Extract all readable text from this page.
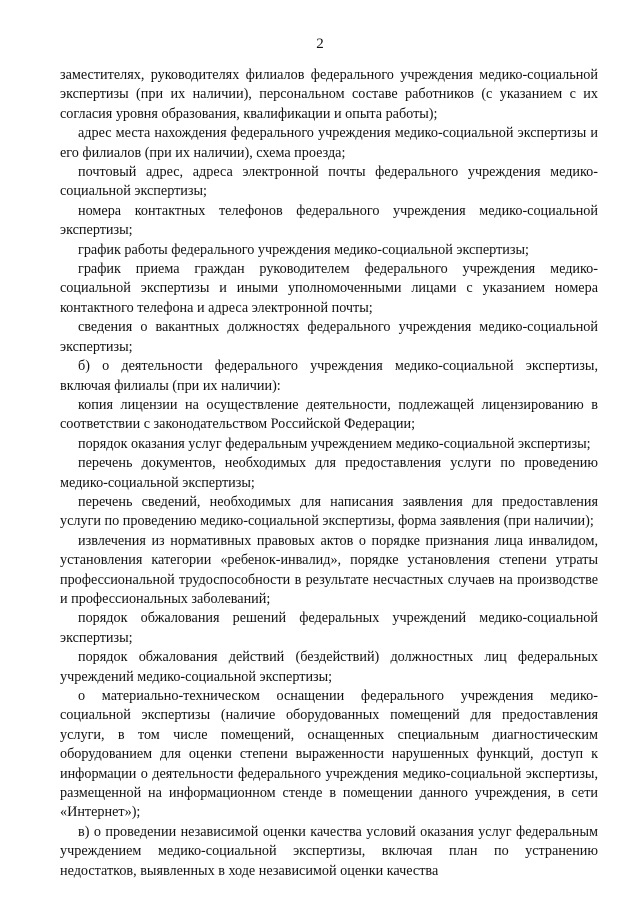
2

заместителях, руководителях филиалов федерального учреждения медико-социальной экспертизы (при их наличии), персональном составе работников (с указанием с их согласия уровня образования, квалификации и опыта работы);

адрес места нахождения федерального учреждения медико-социальной экспертизы и его филиалов (при их наличии), схема проезда;

почтовый адрес, адреса электронной почты федерального учреждения медико-социальной экспертизы;

номера контактных телефонов федерального учреждения медико-социальной экспертизы;

график работы федерального учреждения медико-социальной экспертизы;

график приема граждан руководителем федерального учреждения медико-социальной экспертизы и иными уполномоченными лицами с указанием номера контактного телефона и адреса электронной почты;

сведения о вакантных должностях федерального учреждения медико-социальной экспертизы;

б) о деятельности федерального учреждения медико-социальной экспертизы, включая филиалы (при их наличии):

копия лицензии на осуществление деятельности, подлежащей лицензированию в соответствии с законодательством Российской Федерации;

порядок оказания услуг федеральным учреждением медико-социальной экспертизы;

перечень документов, необходимых для предоставления услуги по проведению медико-социальной экспертизы;

перечень сведений, необходимых для написания заявления для предоставления услуги по проведению медико-социальной экспертизы, форма заявления (при наличии);

извлечения из нормативных правовых актов о порядке признания лица инвалидом, установления категории «ребенок-инвалид», порядке установления степени утраты профессиональной трудоспособности в результате несчастных случаев на производстве и профессиональных заболеваний;

порядок обжалования решений федеральных учреждений медико-социальной экспертизы;

порядок обжалования действий (бездействий) должностных лиц федеральных учреждений медико-социальной экспертизы;

о материально-техническом оснащении федерального учреждения медико-социальной экспертизы (наличие оборудованных помещений для предоставления услуги, в том числе помещений, оснащенных специальным диагностическим оборудованием для оценки степени выраженности нарушенных функций, доступ к информации о деятельности федерального учреждения медико-социальной экспертизы, размещенной на информационном стенде в помещении данного учреждения, в сети «Интернет»);

в) о проведении независимой оценки качества условий оказания услуг федеральным учреждением медико-социальной экспертизы, включая план по устранению недостатков, выявленных в ходе независимой оценки качества
